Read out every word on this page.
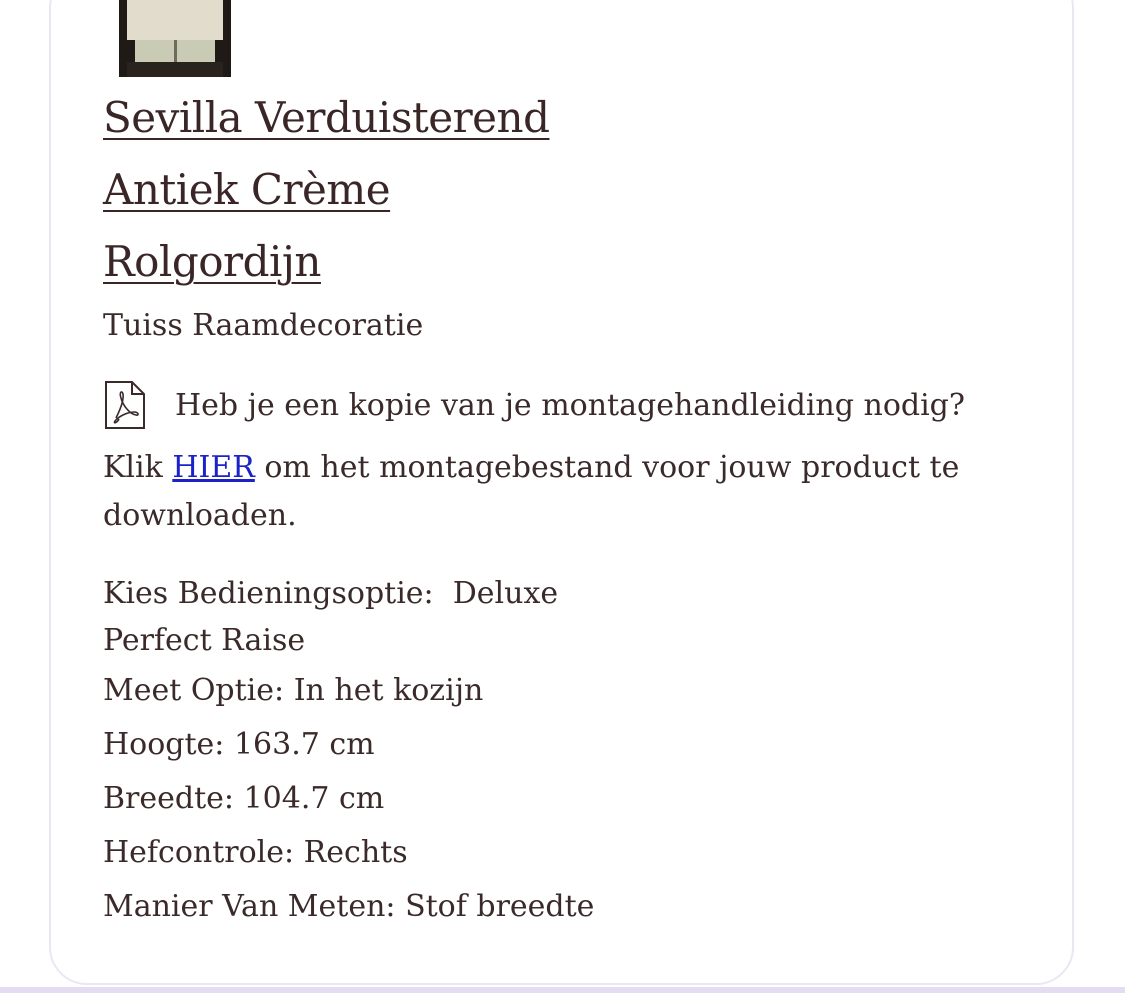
Sevilla Verduisterend
Antiek Crème
Rolgordijn
Tuiss Raamdecoratie
Heb je een kopie van je montagehandleiding nodig?
Klik HIER om het montagebestand voor jouw product te downloaden.
Kies Bedieningsoptie: Deluxe Perfect Raise
Meet Optie: In het kozijn
Hoogte: 163.7 cm
Breedte: 104.7 cm
Hefcontrole: Rechts
Manier Van Meten: Stof breedte
